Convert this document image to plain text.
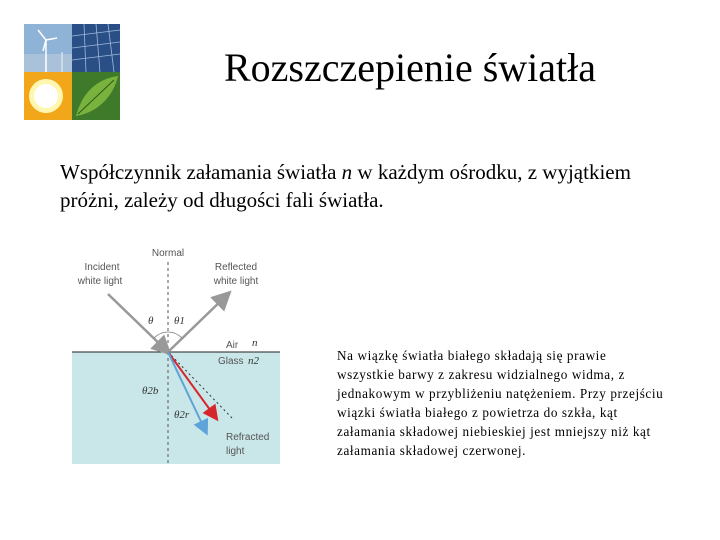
Rozszczepienie światła
Współczynnik załamania światła n w każdym ośrodku, z wyjątkiem próżni, zależy od długości fali światła.
Normal
Incident
white light
Reflected
white light
θ θ1
Air n
Glass n2
θ2b
θ2r
Refracted
light
Na wiązkę światła białego składają się prawie wszystkie barwy z zakresu widzialnego widma, z jednakowym w przybliżeniu natężeniem. Przy przejściu wiązki światła białego z powietrza do szkła, kąt załamania składowej niebieskiej jest mniejszy niż kąt załamania składowej czerwonej.
